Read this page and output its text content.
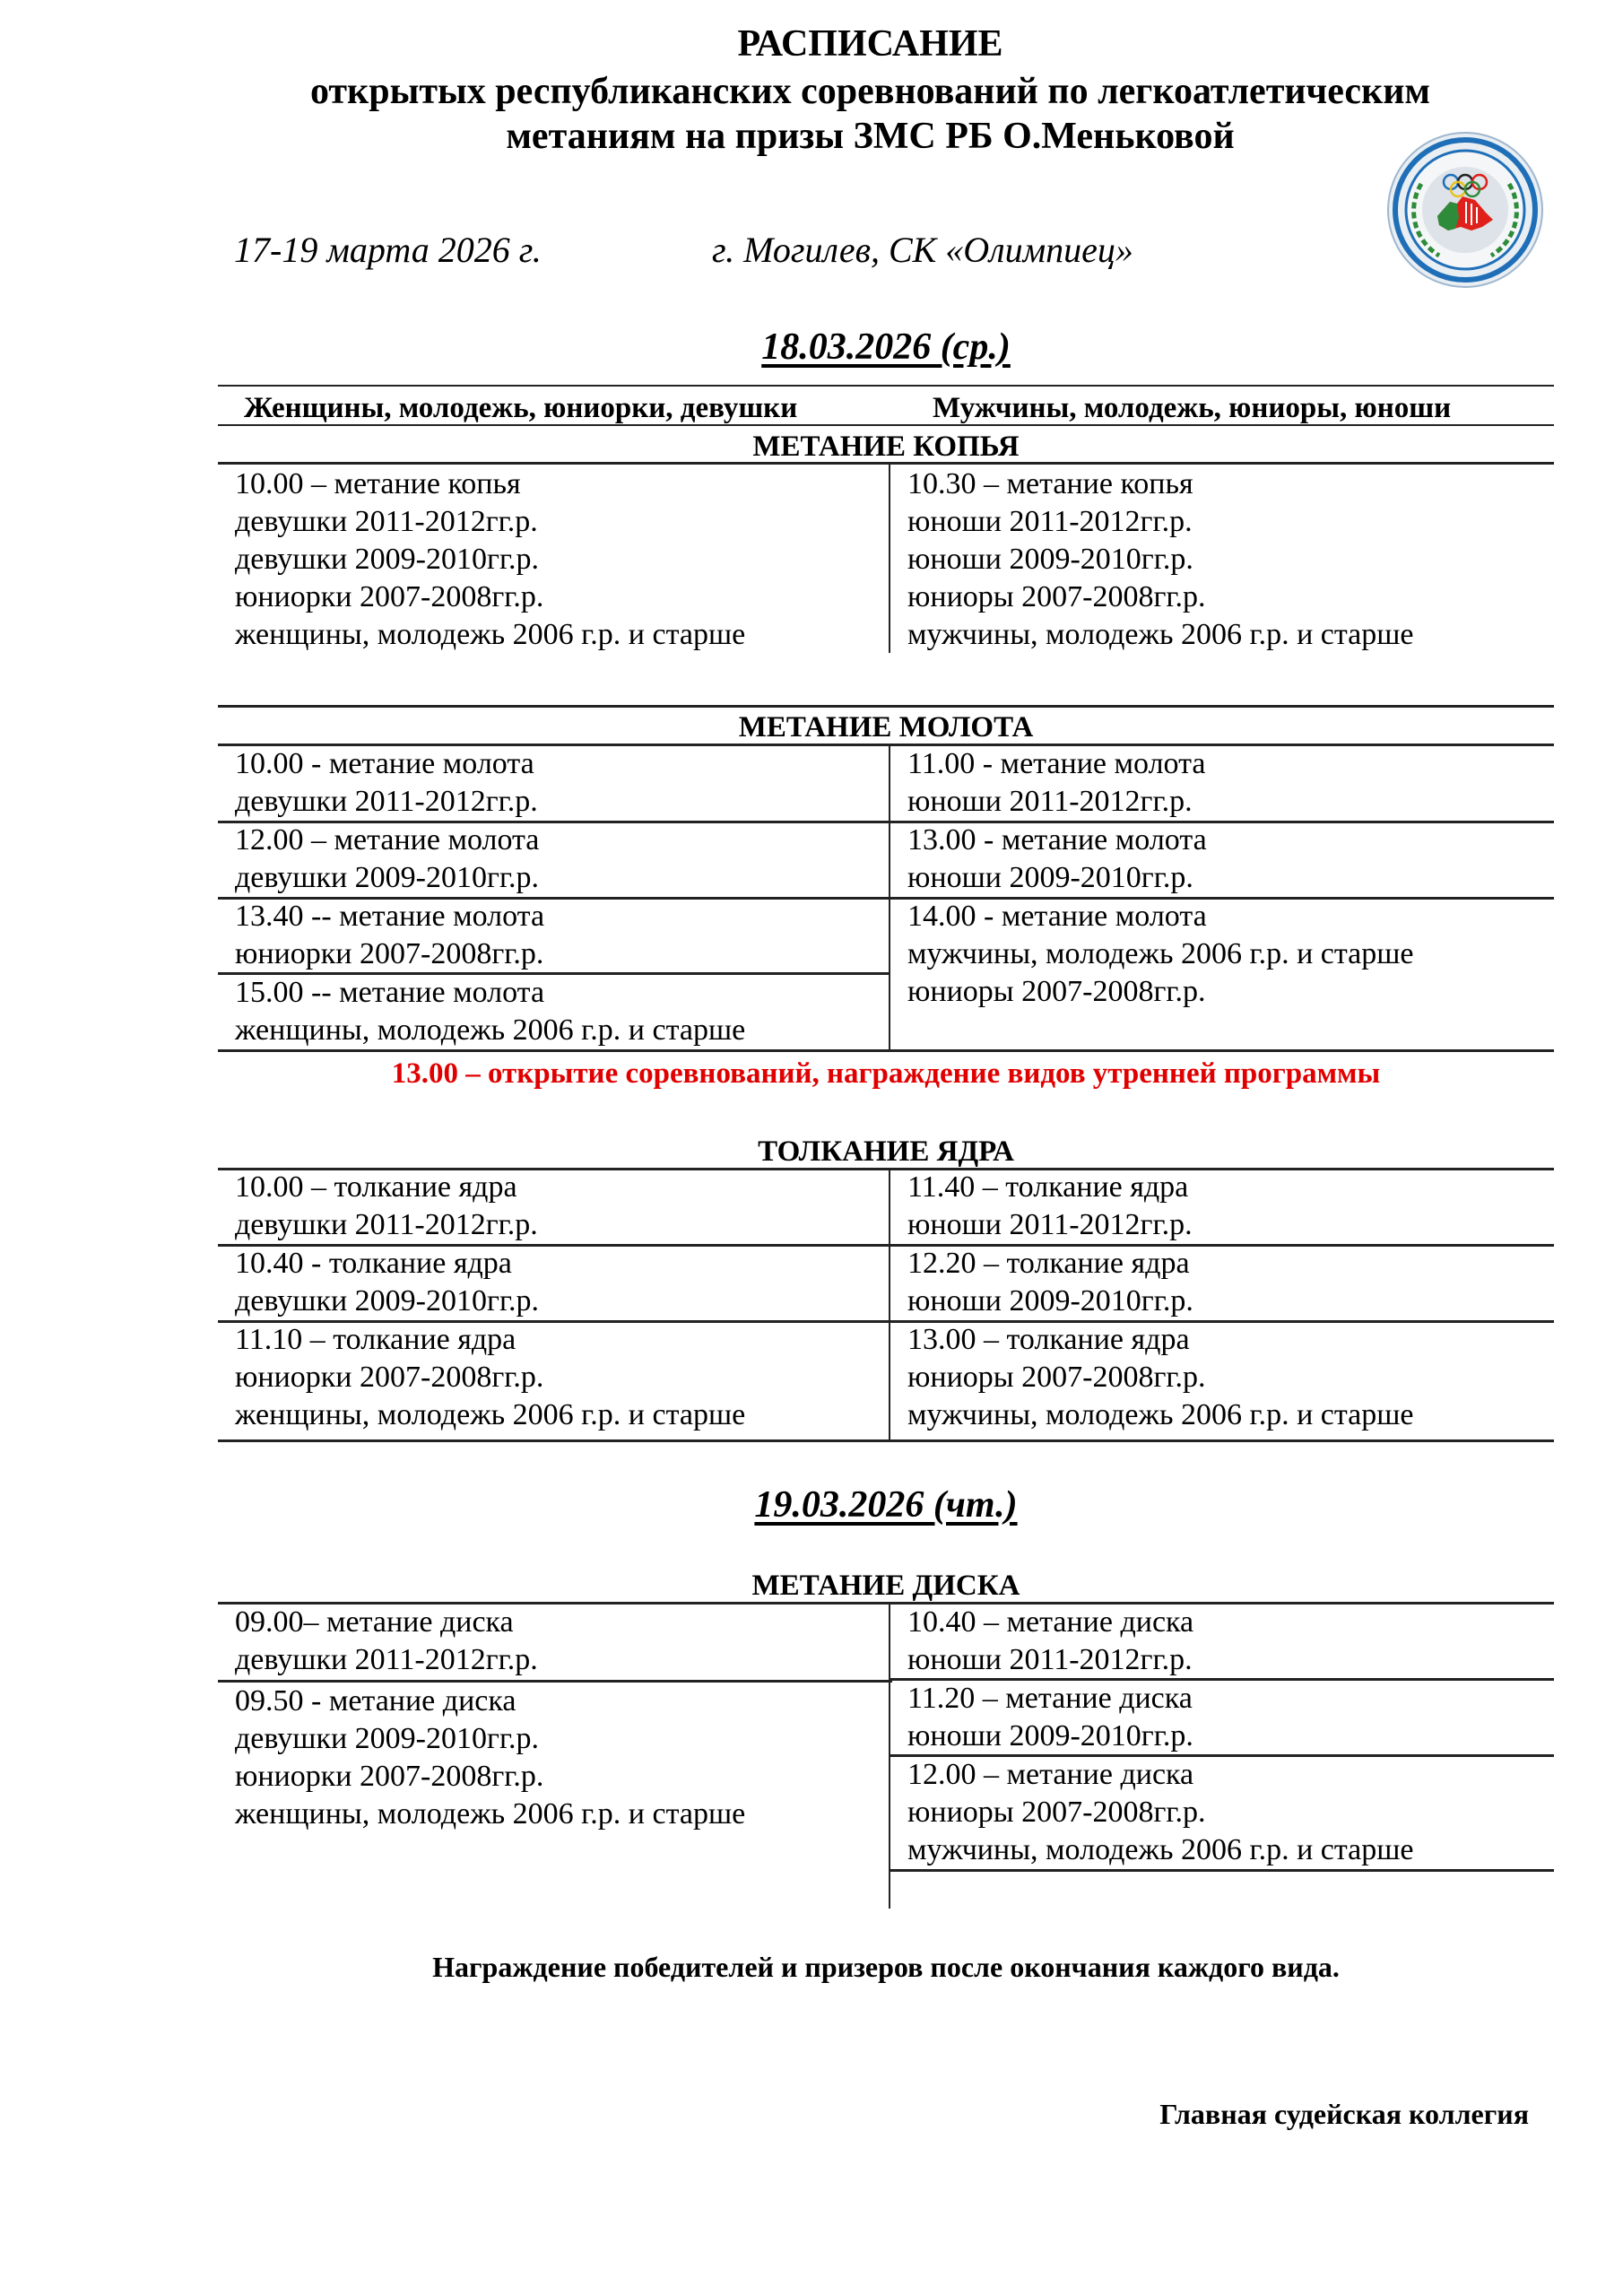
РАСПИСАНИЕ
открытых республиканских соревнований по легкоатлетическим
метаниям на призы ЗМС РБ О.Меньковой
17-19 марта 2026 г.	г. Могилев, СК «Олимпиец»
18.03.2026 (ср.)
Женщины, молодежь, юниорки, девушки	Мужчины, молодежь, юниоры, юноши
МЕТАНИЕ КОПЬЯ
10.00 – метание копья
девушки 2011-2012гг.р.
девушки 2009-2010гг.р.
юниорки 2007-2008гг.р.
женщины, молодежь 2006 г.р. и старше
10.30 – метание копья
юноши 2011-2012гг.р.
юноши 2009-2010гг.р.
юниоры 2007-2008гг.р.
мужчины, молодежь 2006 г.р. и старше
МЕТАНИЕ МОЛОТА
10.00 - метание молота
девушки 2011-2012гг.р.
12.00 – метание молота
девушки 2009-2010гг.р.
13.40 -- метание молота
юниорки 2007-2008гг.р.
15.00 -- метание молота
женщины, молодежь 2006 г.р. и старше
11.00 - метание молота
юноши 2011-2012гг.р.
13.00 - метание молота
юноши 2009-2010гг.р.
14.00 - метание молота
мужчины, молодежь 2006 г.р. и старше
юниоры 2007-2008гг.р.
13.00 – открытие соревнований, награждение видов утренней программы
ТОЛКАНИЕ ЯДРА
10.00 – толкание ядра
девушки 2011-2012гг.р.
10.40 - толкание ядра
девушки 2009-2010гг.р.
11.10 – толкание ядра
юниорки 2007-2008гг.р.
женщины, молодежь 2006 г.р. и старше
11.40 – толкание ядра
юноши 2011-2012гг.р.
12.20 – толкание ядра
юноши 2009-2010гг.р.
13.00 – толкание ядра
юниоры 2007-2008гг.р.
мужчины, молодежь 2006 г.р. и старше
19.03.2026 (чт.)
МЕТАНИЕ ДИСКА
09.00– метание диска
девушки 2011-2012гг.р.
09.50 - метание диска
девушки 2009-2010гг.р.
юниорки 2007-2008гг.р.
женщины, молодежь 2006 г.р. и старше
10.40 – метание диска
юноши 2011-2012гг.р.
11.20 – метание диска
юноши 2009-2010гг.р.
12.00 – метание диска
юниоры 2007-2008гг.р.
мужчины, молодежь 2006 г.р. и старше
Награждение победителей и призеров после окончания каждого вида.
Главная судейская коллегия
